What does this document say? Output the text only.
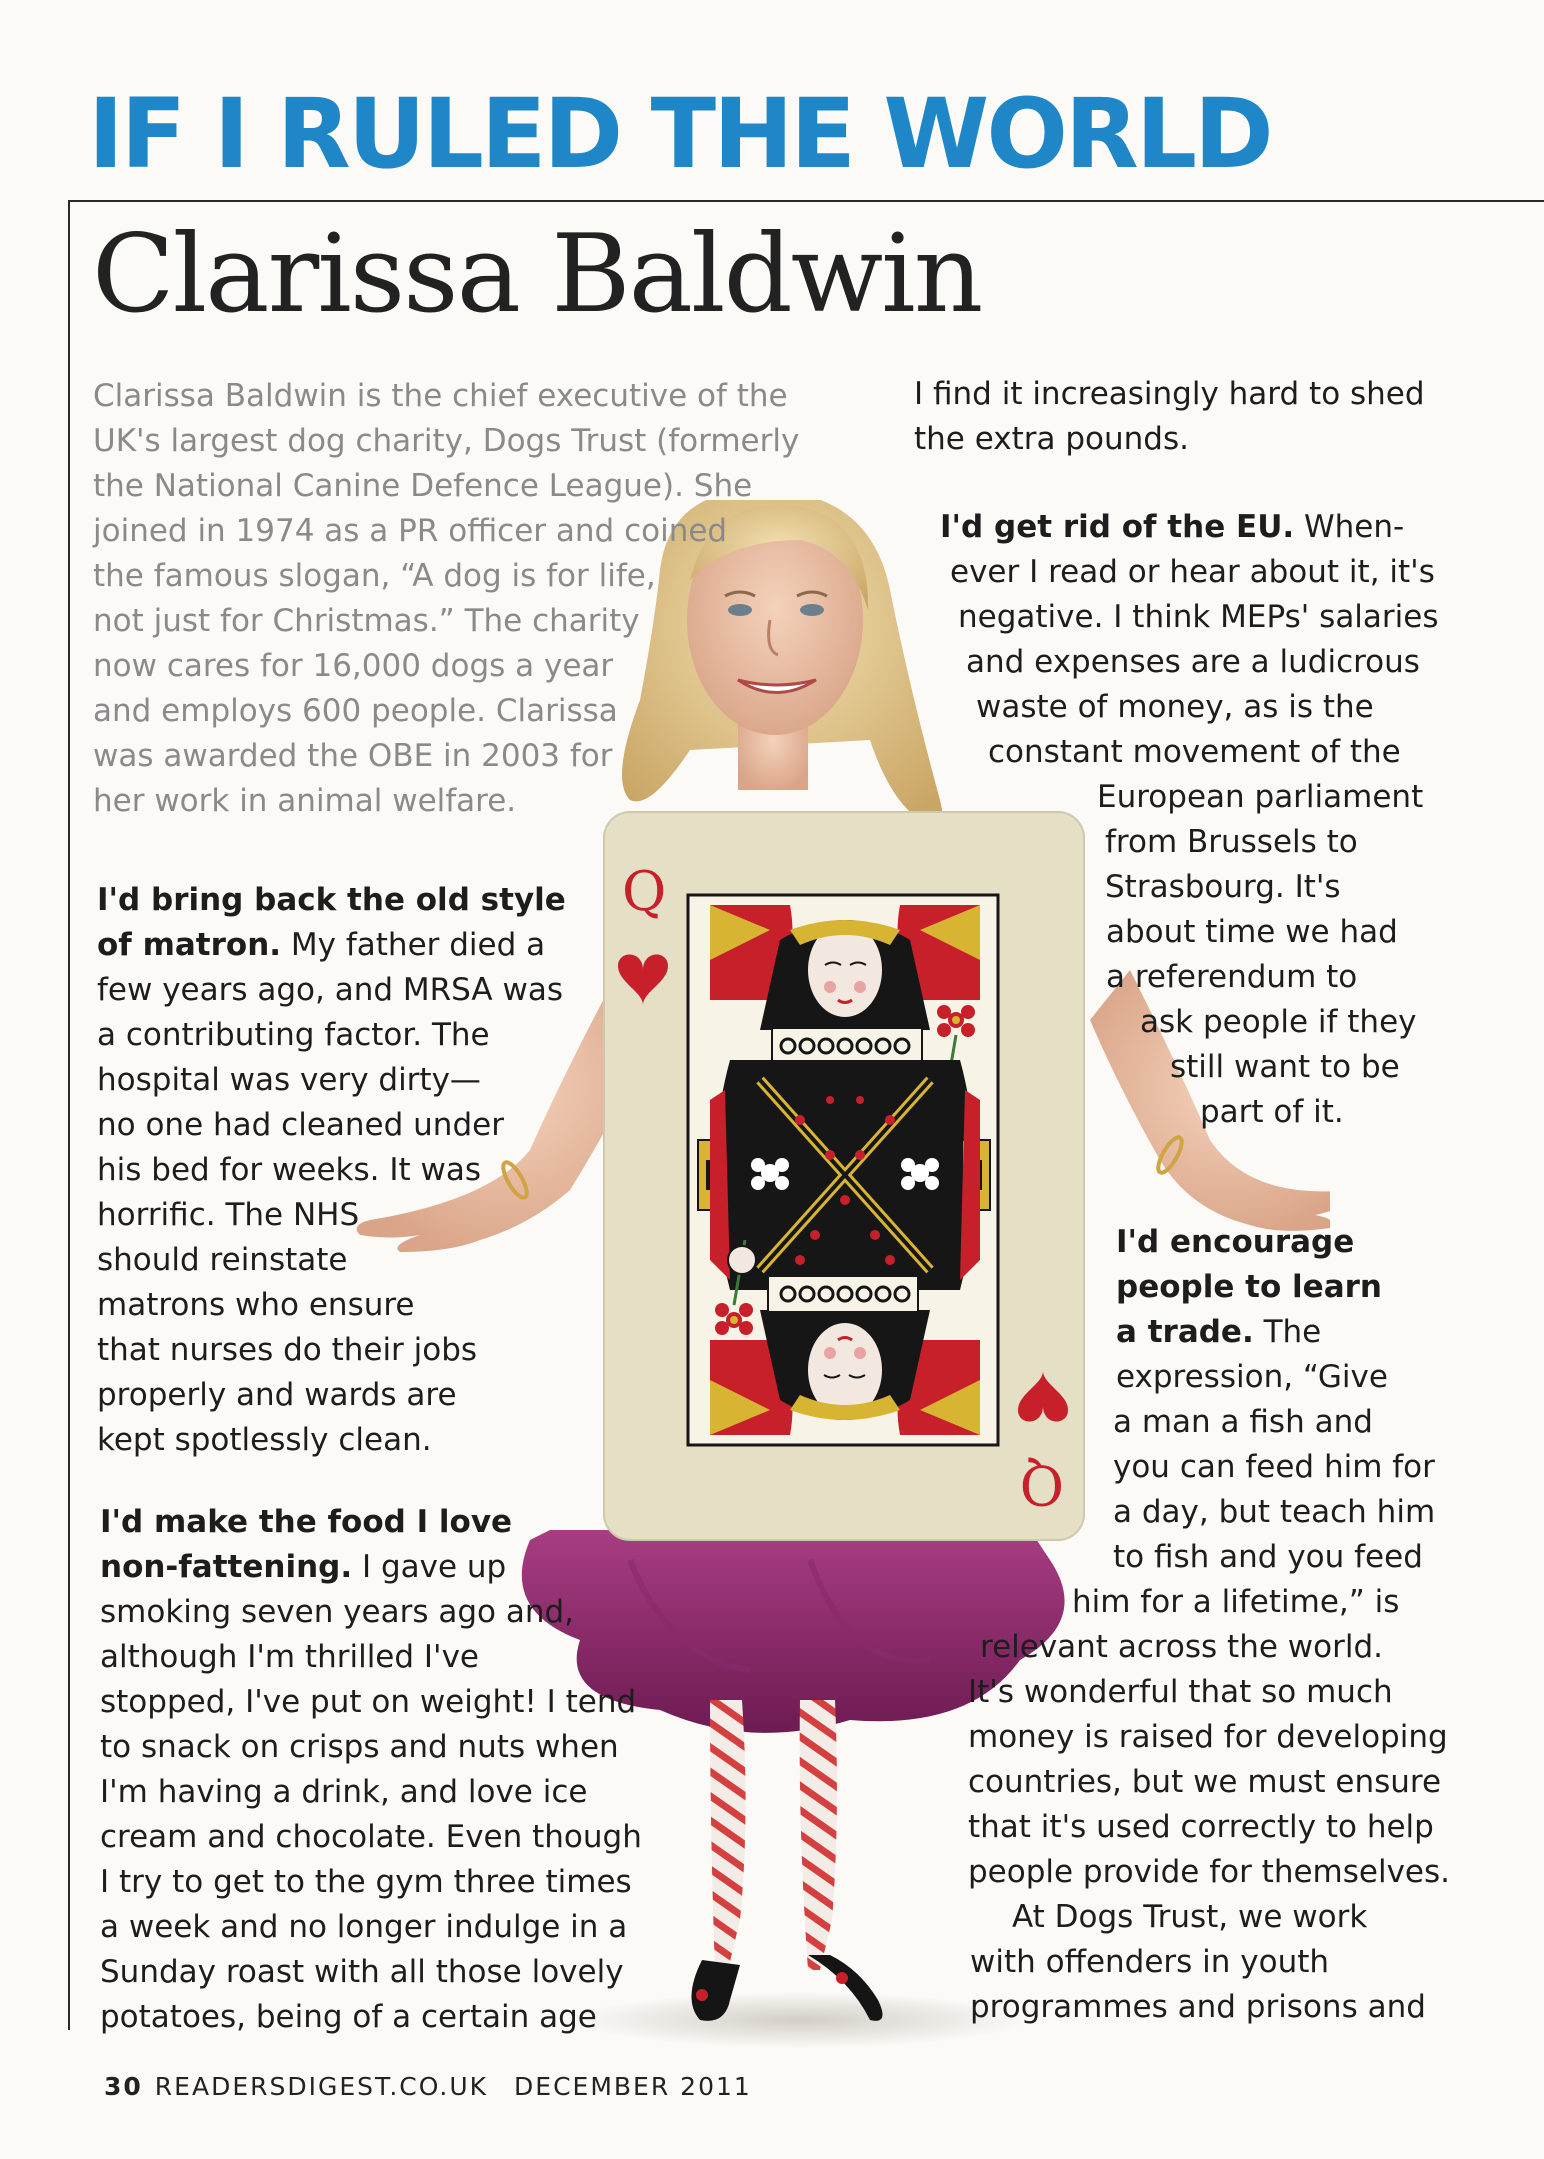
IF I RULED THE WORLD
Clarissa Baldwin
Q
Q
Clarissa Baldwin is the chief executive of the
UK's largest dog charity, Dogs Trust (formerly
the National Canine Defence League). She
joined in 1974 as a PR officer and coined
the famous slogan, “A dog is for life,
not just for Christmas.” The charity
now cares for 16,000 dogs a year
and employs 600 people. Clarissa
was awarded the OBE in 2003 for
her work in animal welfare.
I'd bring back the old style
of matron. My father died a
few years ago, and MRSA was
a contributing factor. The
hospital was very dirty—
no one had cleaned under
his bed for weeks. It was
horrific. The NHS
should reinstate
matrons who ensure
that nurses do their jobs
properly and wards are
kept spotlessly clean.
I'd make the food I love
non-fattening. I gave up
smoking seven years ago and,
although I'm thrilled I've
stopped, I've put on weight! I tend
to snack on crisps and nuts when
I'm having a drink, and love ice
cream and chocolate. Even though
I try to get to the gym three times
a week and no longer indulge in a
Sunday roast with all those lovely
potatoes, being of a certain age
I find it increasingly hard to shed
the extra pounds.
I'd get rid of the EU. When-
ever I read or hear about it, it's
negative. I think MEPs' salaries
and expenses are a ludicrous
waste of money, as is the
constant movement of the
European parliament
from Brussels to
Strasbourg. It's
about time we had
a referendum to
ask people if they
still want to be
part of it.
I'd encourage
people to learn
a trade. The
expression, “Give
a man a fish and
you can feed him for
a day, but teach him
to fish and you feed
him for a lifetime,” is
relevant across the world.
It's wonderful that so much
money is raised for developing
countries, but we must ensure
that it's used correctly to help
people provide for themselves.
At Dogs Trust, we work
with offenders in youth
programmes and prisons and
30 READERSDIGEST.CO.UK DECEMBER 2011
